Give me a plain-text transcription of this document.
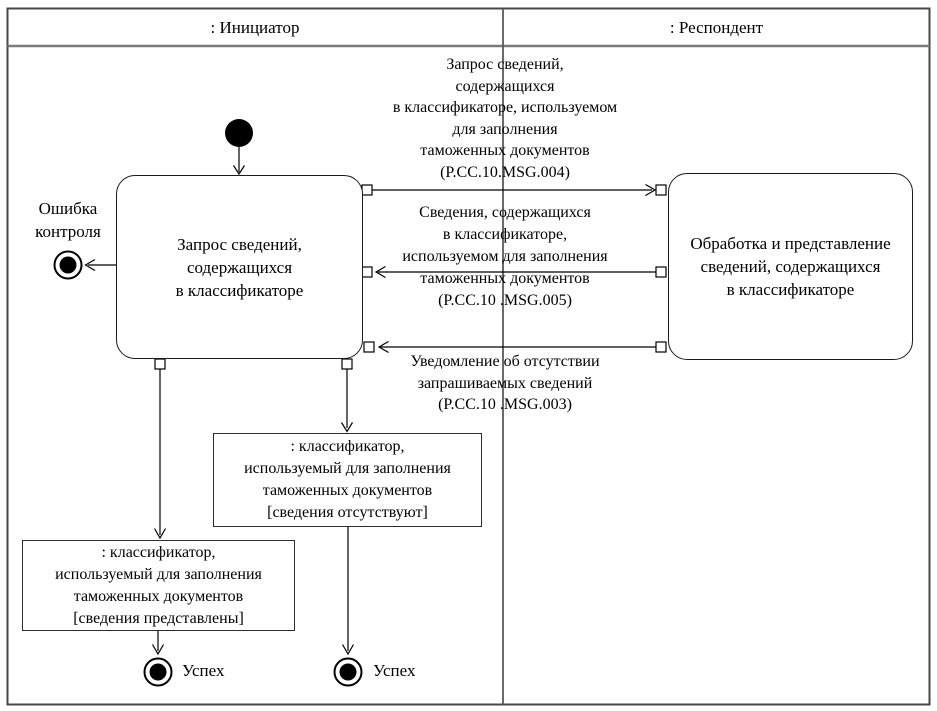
: Инициатор	: Респондент
Запрос сведений,
содержащихся
в классификаторе
Обработка и представление
сведений, содержащихся
в классификаторе
Запрос сведений,
содержащихся
в классификаторе, используемом
для заполнения
таможенных документов
(P.CC.10.MSG.004)
Сведения, содержащихся
в классификаторе,
используемом для заполнения
таможенных документов
(P.CC.10 .MSG.005)
Уведомление об отсутствии
запрашиваемых сведений
(P.CC.10 .MSG.003)
Ошибка
контроля
: классификатор,
используемый для заполнения
таможенных документов
[сведения отсутствуют]
: классификатор,
используемый для заполнения
таможенных документов
[сведения представлены]
Успех	Успех
